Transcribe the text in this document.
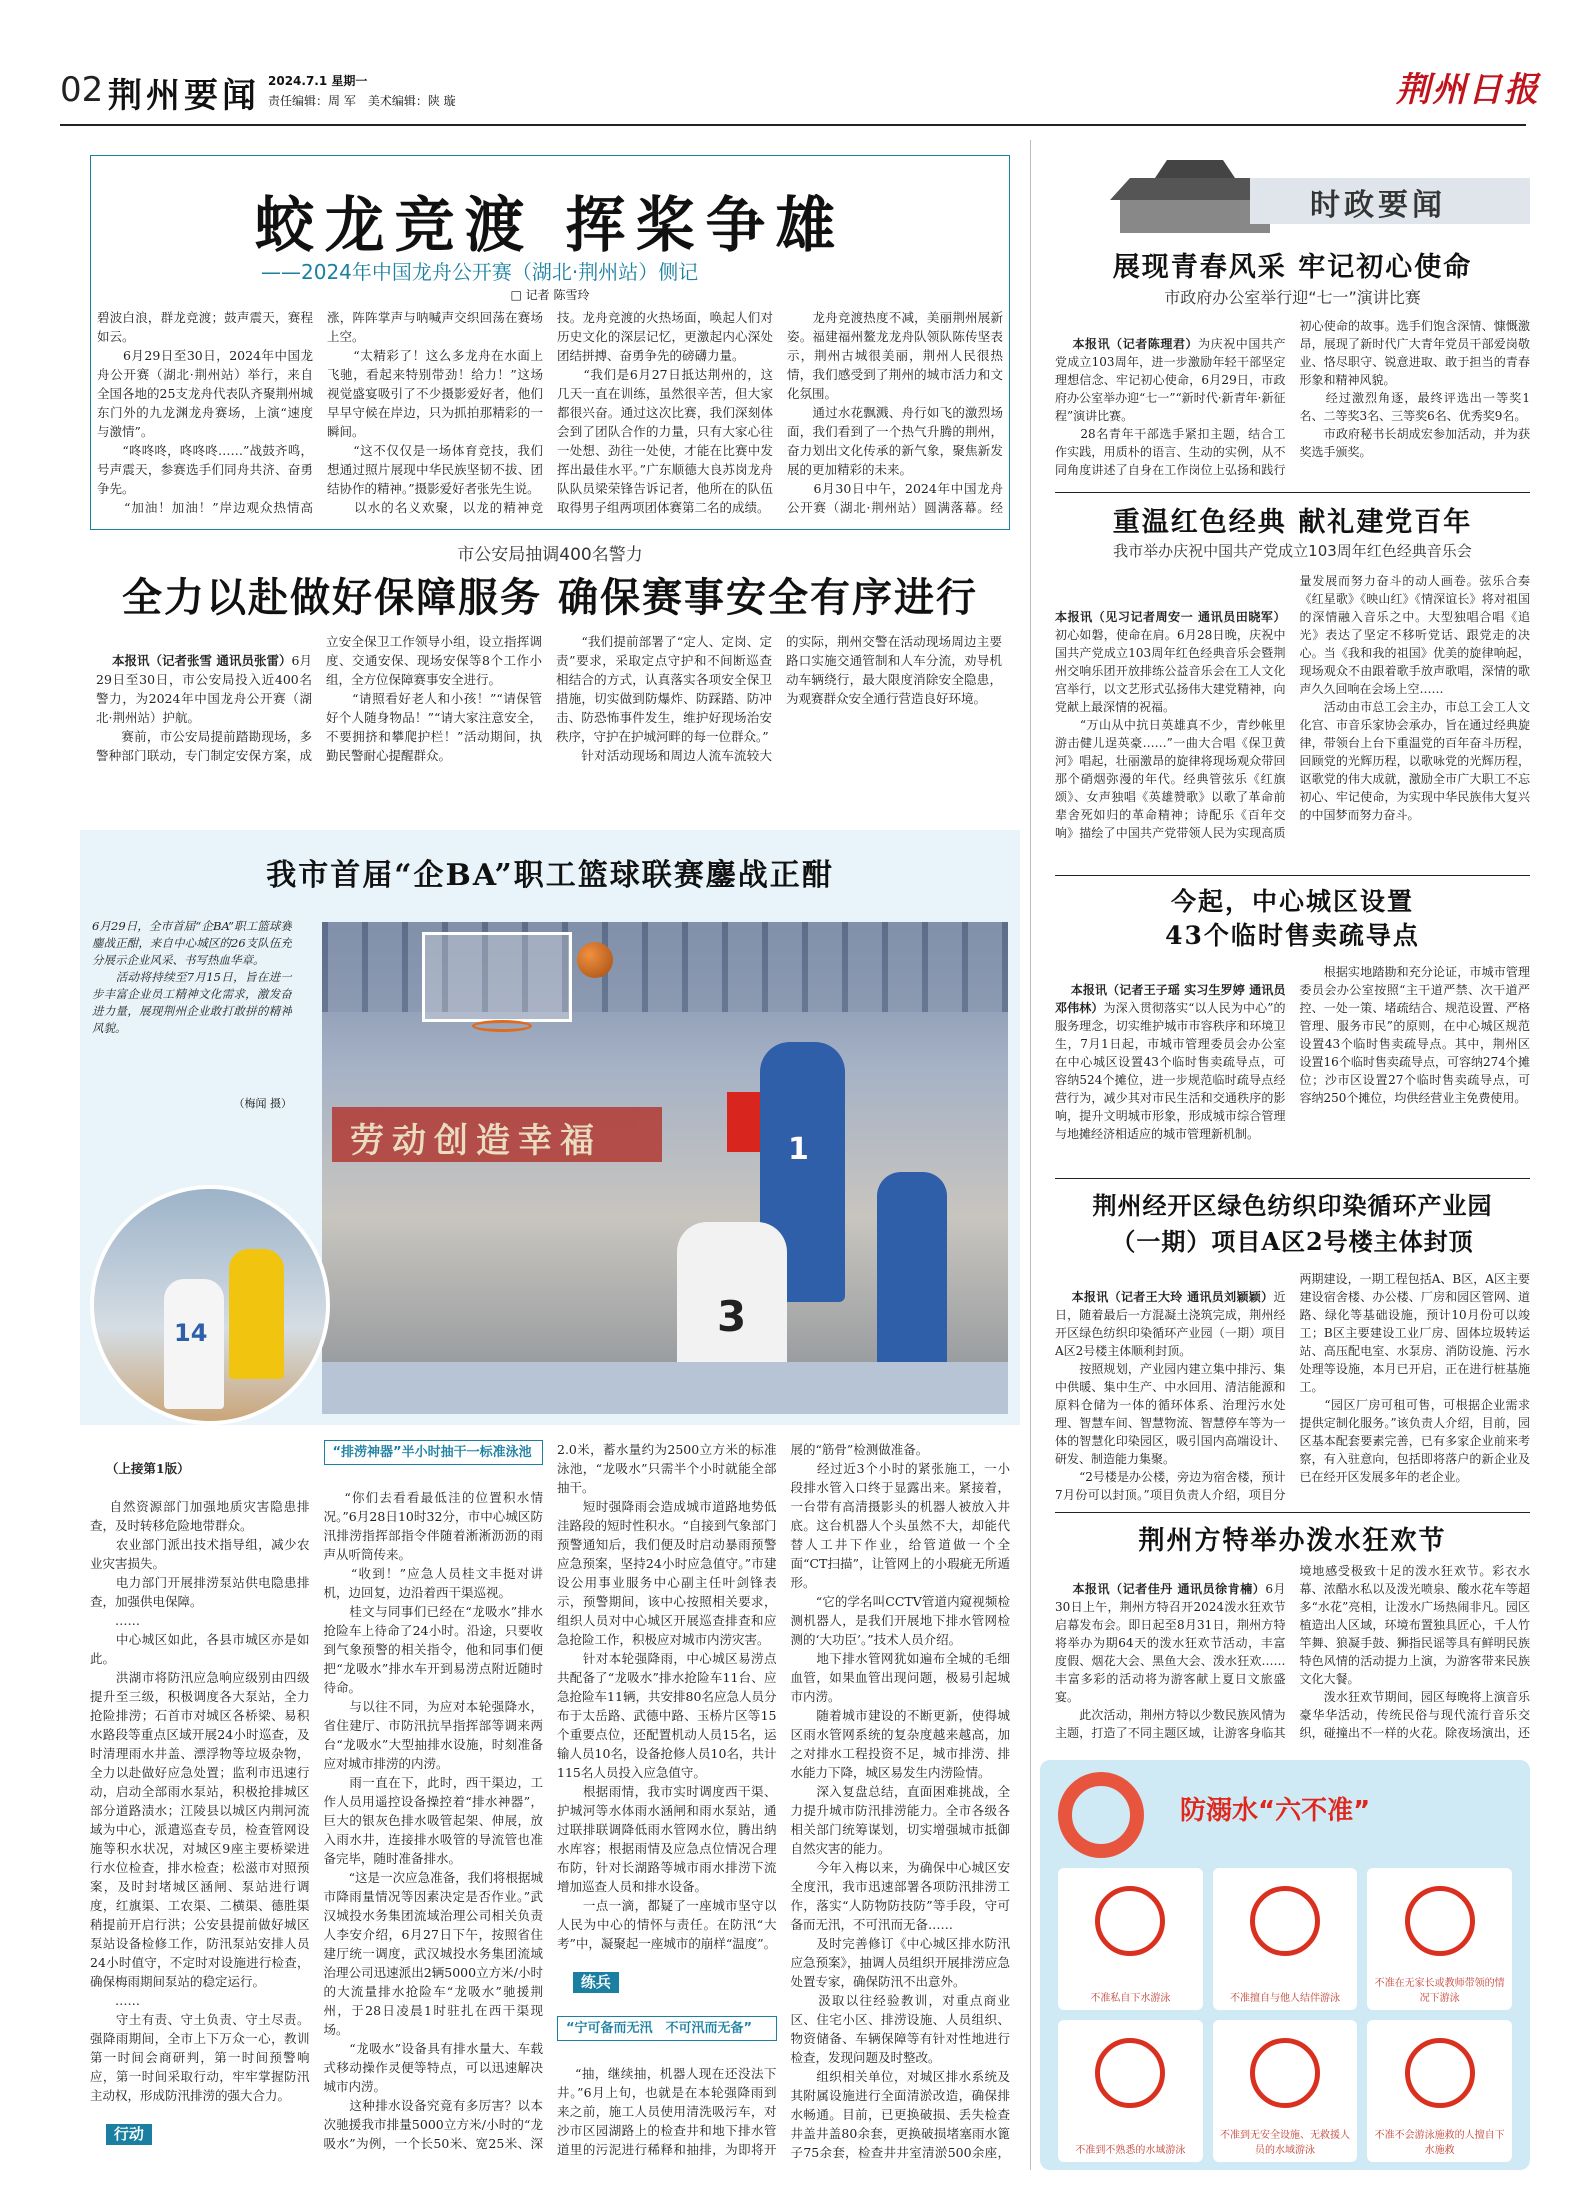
02 荆州要闻 2024.7.1 星期一
责任编辑：周 军　美术编辑：陕 璇	荆州日报
蛟龙竞渡 挥桨争雄
——2024年中国龙舟公开赛（湖北·荆州站）侧记
□ 记者 陈雪玲
碧波白浪，群龙竞渡；鼓声震天，赛程如云。
　　6月29日至30日，2024年中国龙舟公开赛（湖北·荆州站）举行，来自全国各地的25支龙舟代表队齐聚荆州城东门外的九龙渊龙舟赛场，上演“速度与激情”。
　　“咚咚咚，咚咚咚……”战鼓齐鸣，号声震天，参赛选手们同舟共济、奋勇争先。
　　“加油！加油！”岸边观众热情高涨，阵阵掌声与呐喊声交织回荡在赛场上空。
　　“太精彩了！这么多龙舟在水面上飞驰，看起来特别带劲！给力！”这场视觉盛宴吸引了不少摄影爱好者，他们早早守候在岸边，只为抓拍那精彩的一瞬间。
　　“这不仅仅是一场体育竞技，我们想通过照片展现中华民族坚韧不拔、团结协作的精神。”摄影爱好者张先生说。
　　以水的名义欢聚，以龙的精神竞技。龙舟竞渡的火热场面，唤起人们对历史文化的深层记忆，更激起内心深处团结拼搏、奋勇争先的磅礴力量。
　　“我们是6月27日抵达荆州的，这几天一直在训练，虽然很辛苦，但大家都很兴奋。通过这次比赛，我们深刻体会到了团队合作的力量，只有大家心往一处想、劲往一处使，才能在比赛中发挥出最佳水平。”广东顺德大良苏岗龙舟队队员梁荣锋告诉记者，他所在的队伍取得男子组两项团体赛第二名的成绩。
　　龙舟竞渡热度不减，美丽荆州展新姿。福建福州鳌龙龙舟队领队陈传坚表示，荆州古城很美丽，荆州人民很热情，我们感受到了荆州的城市活力和文化氛围。
　　通过水花飘溅、舟行如飞的激烈场面，我们看到了一个热气升腾的荆州，奋力划出文化传承的新气象，聚焦新发展的更加精彩的未来。
　　6月30日中午，2024年中国龙舟公开赛（湖北·荆州站）圆满落幕。经

市公安局抽调400名警力
全力以赴做好保障服务 确保赛事安全有序进行

本报讯（记者张雪 通讯员张雷）6月29日至30日，市公安局投入近400名警力，为2024年中国龙舟公开赛（湖北·荆州站）护航。
　　赛前，市公安局提前踏勘现场，多警种部门联动，专门制定安保方案，成立安全保卫工作领导小组，设立指挥调度、交通安保、现场安保等8个工作小组，全方位保障赛事安全进行。
　　“请照看好老人和小孩！”“请保管好个人随身物品！”“请大家注意安全，不要拥挤和攀爬护栏！”活动期间，执勤民警耐心提醒群众。
　　“我们提前部署了“定人、定岗、定责”要求，采取定点守护和不间断巡查相结合的方式，认真落实各项安全保卫措施，切实做到防爆炸、防踩踏、防冲击、防恐怖事件发生，维护好现场治安秩序，守护在护城河畔的每一位群众。”
　　针对活动现场和周边人流车流较大的实际，荆州交警在活动现场周边主要路口实施交通管制和人车分流，劝导机动车辆绕行，最大限度消除安全隐患，为观赛群众安全通行营造良好环境。

我市首届“企BA”职工篮球联赛鏖战正酣
6月29日，全市首届“企BA”职工篮球赛鏖战正酣，来自中心城区的26支队伍充分展示企业风采、书写热血华章。
　　活动将持续至7月15日，旨在进一步丰富企业员工精神文化需求，激发奋进力量，展现荆州企业敢打敢拼的精神风貌。
（梅闻 摄）
劳动创造幸福	1
3
14

（上接第1版）

自然资源部门加强地质灾害隐患排查，及时转移危险地带群众。
　　农业部门派出技术指导组，减少农业灾害损失。
　　电力部门开展排涝泵站供电隐患排查，加强供电保障。
　　……
　　中心城区如此，各县市城区亦是如此。
　　洪湖市将防汛应急响应级别由四级提升至三级，积极调度各大泵站，全力抢险排涝；石首市对城区各桥梁、易积水路段等重点区域开展24小时巡查，及时清理雨水井盖、漂浮物等垃圾杂物，全力以赴做好应急处置；监利市迅速行动，启动全部雨水泵站，积极抢排城区部分道路渍水；江陵县以城区内荆河流域为中心，派遣巡查专员，检查管网设施等积水状况，对城区9座主要桥梁进行水位检查，排水检查；松滋市对照预案，及时封堵城区涵闸、泵站进行调度，红旗渠、工农渠、二横渠、德胜渠稍提前开启行洪；公安县提前做好城区泵站设备检修工作，防汛泵站安排人员24小时值守，不定时对设施进行检查，确保梅雨期间泵站的稳定运行。
　　……
　　守土有责、守土负责、守土尽责。强降雨期间，全市上下万众一心，教训第一时间会商研判，第一时间预警响应，第一时间采取行动，牢牢掌握防汛主动权，形成防汛排涝的强大合力。

行动

“排涝神器”半小时抽干一标准泳池

“你们去看看最低洼的位置积水情况。”6月28日10时32分，市中心城区防汛排涝指挥部指令伴随着淅淅沥沥的雨声从听筒传来。
　　“收到！”应急人员桂文丰挺对讲机，边回复，边沿着西干渠巡视。
　　桂文与同事们已经在“龙吸水”排水抢险车上待命了24小时。沿途，只要收到气象预警的相关指令，他和同事们便把“龙吸水”排水车开到易涝点附近随时待命。
　　与以往不同，为应对本轮强降水，省住建厅、市防汛抗旱指挥部等调来两台“龙吸水”大型抽排水设施，时刻准备应对城市排涝的内涝。
　　雨一直在下，此时，西干渠边，工作人员用遥控设备操控着“排水神器”，巨大的银灰色排水吸管起架、伸展，放入雨水井，连接排水吸管的导流管也准备完毕，随时准备排水。
　　“这是一次应急准备，我们将根据城市降雨量情况等因素决定是否作业。”武汉城投水务集团流域治理公司相关负责人李安介绍，6月27日下午，按照省住建厅统一调度，武汉城投水务集团流域治理公司迅速派出2辆5000立方米/小时的大流量排水抢险车“龙吸水”驰援荆州，于28日凌晨1时驻扎在西干渠现场。
　　“龙吸水”设备具有排水量大、车载式移动操作灵便等特点，可以迅速解决城市内涝。
　　这种排水设备究竟有多厉害？以本次驰援我市排量5000立方米/小时的“龙吸水”为例，一个长50米、宽25米、深2.0米，蓄水量约为2500立方米的标准泳池，“龙吸水”只需半个小时就能全部抽干。
　　短时强降雨会造成城市道路地势低洼路段的短时性积水。“自接到气象部门预警通知后，我们便及时启动暴雨预警应急预案，坚持24小时应急值守。”市建设公用事业服务中心副主任叶剑锋表示，预警期间，该中心按照相关要求，组织人员对中心城区开展巡查排查和应急抢险工作，积极应对城市内涝灾害。
　　针对本轮强降雨，中心城区易涝点共配备了“龙吸水”排水抢险车11台、应急抢险车11辆，共安排80名应急人员分布于太岳路、武德中路、玉桥片区等15个重要点位，还配置机动人员15名，运输人员10名，设备抢修人员10名，共计115名人员投入应急值守。
　　根据雨情，我市实时调度西干渠、护城河等水体雨水涵闸和雨水泵站，通过联排联调降低雨水管网水位，腾出纳水库容；根据雨情及应急点位情况合理布防，针对长湖路等城市雨水排涝下流增加巡查人员和排水设备。
　　一点一滴，都疑了一座城市坚守以人民为中心的情怀与责任。在防汛“大考”中，凝聚起一座城市的崩样“温度”。

练兵

“宁可备而无汛　不可汛而无备”

“抽，继续抽，机器人现在还没法下井。”6月上旬，也就是在本轮强降雨到来之前，施工人员使用清洗吸污车，对沙市区园湖路上的检查井和地下排水管道里的污泥进行稀释和抽排，为即将开展的“筋骨”检测做准备。
　　经过近3个小时的紧张施工，一小段排水管入口终于显露出来。紧接着，一台带有高清摄影头的机器人被放入井底。这台机器人个头虽然不大，却能代替人工井下作业，给管道做一个全面“CT扫描”，让管网上的小瑕疵无所遁形。
　　“它的学名叫CCTV管道内窥视频检测机器人，是我们开展地下排水管网检测的‘大功臣’。”技术人员介绍。
　　地下排水管网犹如遍布全城的毛细血管，如果血管出现问题，极易引起城市内涝。
　　随着城市建设的不断更新，使得城区雨水管网系统的复杂度越来越高，加之对排水工程投资不足，城市排涝、排水能力下降，城区易发生内涝险情。
　　深入复盘总结，直面困难挑战，全力提升城市防汛排涝能力。全市各级各相关部门统筹谋划，切实增强城市抵御自然灾害的能力。
　　今年入梅以来，为确保中心城区安全度汛，我市迅速部署各项防汛排涝工作，落实“人防物防技防”等手段，守可备而无汛，不可汛而无备……
　　及时完善修订《中心城区排水防汛应急预案》，抽调人员组织开展排涝应急处置专家，确保防汛不出意外。
　　汲取以往经验教训，对重点商业区、住宅小区、排涝设施、人员组织、物资储备、车辆保障等有针对性地进行检查，发现问题及时整改。
　　组织相关单位，对城区排水系统及其附属设施进行全面清淤改造，确保排水畅通。目前，已更换破损、丢失检查井盖井盖80余套，更换破损堵塞雨水篦子75余套，检查井井室清淤500余座，

时政要闻
展现青春风采 牢记初心使命
市政府办公室举行迎“七一”演讲比赛

本报讯（记者陈理君）为庆祝中国共产党成立103周年，进一步激励年轻干部坚定理想信念、牢记初心使命，6月29日，市政府办公室举办迎“七一”“新时代·新青年·新征程”演讲比赛。
　　28名青年干部选手紧扣主题，结合工作实践，用质朴的语言、生动的实例，从不同角度讲述了自身在工作岗位上弘扬和践行初心使命的故事。选手们饱含深情、慷慨激昂，展现了新时代广大青年党员干部爱岗敬业、恪尽职守、锐意进取、敢于担当的青春形象和精神风貌。
　　经过激烈角逐，最终评选出一等奖1名、二等奖3名、三等奖6名、优秀奖9名。
　　市政府秘书长胡成宏参加活动，并为获奖选手颁奖。

重温红色经典 献礼建党百年
我市举办庆祝中国共产党成立103周年红色经典音乐会

本报讯（见习记者周安一 通讯员田晓军）初心如磐，使命在肩。6月28日晚，庆祝中国共产党成立103周年红色经典音乐会暨荆州交响乐团开放排练公益音乐会在工人文化宫举行，以文艺形式弘扬伟大建党精神，向党献上最深情的祝福。
　　“万山从中抗日英雄真不少，青纱帐里游击健儿逞英豪……”一曲大合唱《保卫黄河》唱起，壮丽激昂的旋律将现场观众带回那个硝烟弥漫的年代。经典管弦乐《红旗颂》、女声独唱《英雄赞歌》以歌了革命前辈舍死如归的革命精神；诗配乐《百年交响》描绘了中国共产党带领人民为实现高质量发展而努力奋斗的动人画卷。弦乐合奏《红星歌》《映山红》《情深谊长》将对祖国的深情融入音乐之中。大型独唱合唱《追光》表达了坚定不移听党话、跟党走的决心。当《我和我的祖国》优美的旋律响起，现场观众不由跟着歌手放声歌唱，深情的歌声久久回响在会场上空……
　　活动由市总工会主办，市总工会工人文化宫、市音乐家协会承办，旨在通过经典旋律，带领台上台下重温党的百年奋斗历程，回顾党的光辉历程，以歌咏党的光辉历程，讴歌党的伟大成就，激励全市广大职工不忘初心、牢记使命，为实现中华民族伟大复兴的中国梦而努力奋斗。

今起，中心城区设置
43个临时售卖疏导点

本报讯（记者王子瑶 实习生罗婷 通讯员邓伟林）为深入贯彻落实“以人民为中心”的服务理念，切实维护城市市容秩序和环境卫生，7月1日起，市城市管理委员会办公室在中心城区设置43个临时售卖疏导点，可容纳524个摊位，进一步规范临时疏导点经营行为，减少其对市民生活和交通秩序的影响，提升文明城市形象，形成城市综合管理与地摊经济相适应的城市管理新机制。
　　根据实地踏勘和充分论证，市城市管理委员会办公室按照“主干道严禁、次干道严控、一处一策、堵疏结合、规范设置、严格管理、服务市民”的原则，在中心城区规范设置43个临时售卖疏导点。其中，荆州区设置16个临时售卖疏导点，可容纳274个摊位；沙市区设置27个临时售卖疏导点，可容纳250个摊位，均供经营业主免费使用。

荆州经开区绿色纺织印染循环产业园
（一期）项目A区2号楼主体封顶

本报讯（记者王大玲 通讯员刘颖颖）近日，随着最后一方混凝土浇筑完成，荆州经开区绿色纺织印染循环产业园（一期）项目A区2号楼主体顺利封顶。
　　按照规划，产业园内建立集中排污、集中供暖、集中生产、中水回用、清洁能源和原料仓储为一体的循环体系、治理污水处理、智慧车间、智慧物流、智慧停车等为一体的智慧化印染园区，吸引国内高端设计、研发、制造能力集聚。
　　“2号楼是办公楼，旁边为宿舍楼，预计7月份可以封顶。”项目负责人介绍，项目分两期建设，一期工程包括A、B区，A区主要建设宿舍楼、办公楼、厂房和园区管网、道路、绿化等基础设施，预计10月份可以竣工；B区主要建设工业厂房、固体垃圾转运站、高压配电室、水泵房、消防设施、污水处理等设施，本月已开启，正在进行桩基施工。
　　“园区厂房可租可售，可根据企业需求提供定制化服务。”该负责人介绍，目前，园区基本配套要素完善，已有多家企业前来考察，有入驻意向，包括即将落户的新企业及已在经开区发展多年的老企业。

荆州方特举办泼水狂欢节

本报讯（记者佳丹 通讯员徐肯楠）6月30日上午，荆州方特召开2024泼水狂欢节启幕发布会。即日起至8月31日，荆州方特将举办为期64天的泼水狂欢节活动，丰富度假、烟花大会、黑鱼大会、泼水狂欢……丰富多彩的活动将为游客献上夏日文旅盛宴。
　　此次活动，荆州方特以少数民族风情为主题，打造了不同主题区域，让游客身临其境地感受极致十足的泼水狂欢节。彩衣水幕、浓酷水私以及泼光喷泉、酸水花车等超多“水花”亮相，让泼水广场热闹非凡。园区植造出人区域，环境布置独具匠心，千人竹竿舞、狼凝手鼓、狮指民谣等具有鲜明民族特色风情的活动提力上演，为游客带来民族文化大餐。
　　泼水狂欢节期间，园区每晚将上演音乐豪华华活动，传统民俗与现代流行音乐交织，碰撞出不一样的火花。除夜场演出，还

防溺水“六不准”
不准私自下水游泳	不准擅自与他人结伴游泳
不准在无家长或教师带领的情况下游泳
不准到不熟悉的水域游泳
不准到无安全设施、无救援人员的水域游泳
不准不会游泳施救的人擅自下水施救
